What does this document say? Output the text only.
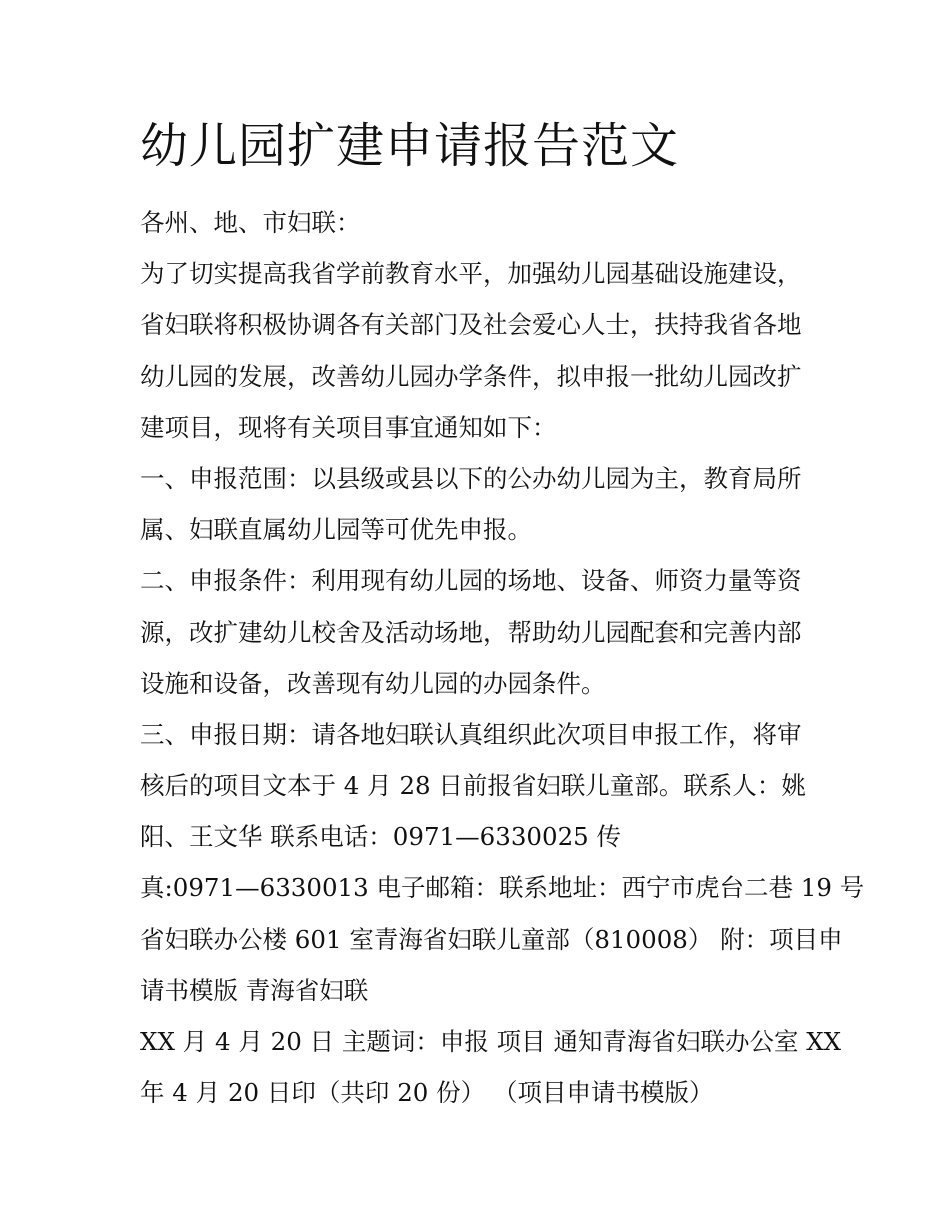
幼儿园扩建申请报告范文
各州、地、市妇联：
为了切实提高我省学前教育水平，加强幼儿园基础设施建设，
省妇联将积极协调各有关部门及社会爱心人士，扶持我省各地
幼儿园的发展，改善幼儿园办学条件，拟申报一批幼儿园改扩
建项目，现将有关项目事宜通知如下：
一、申报范围：以县级或县以下的公办幼儿园为主，教育局所
属、妇联直属幼儿园等可优先申报。
二、申报条件：利用现有幼儿园的场地、设备、师资力量等资
源，改扩建幼儿校舍及活动场地，帮助幼儿园配套和完善内部
设施和设备，改善现有幼儿园的办园条件。
三、申报日期：请各地妇联认真组织此次项目申报工作，将审
核后的项目文本于 4 月 28 日前报省妇联儿童部。联系人：姚
阳、王文华 联系电话：0971—6330025 传
真:0971—6330013 电子邮箱：联系地址：西宁市虎台二巷 19 号
省妇联办公楼 601 室青海省妇联儿童部（810008） 附：项目申
请书模版 青海省妇联
XX 月 4 月 20 日 主题词：申报 项目 通知青海省妇联办公室 XX
年 4 月 20 日印（共印 20 份） （项目申请书模版）
